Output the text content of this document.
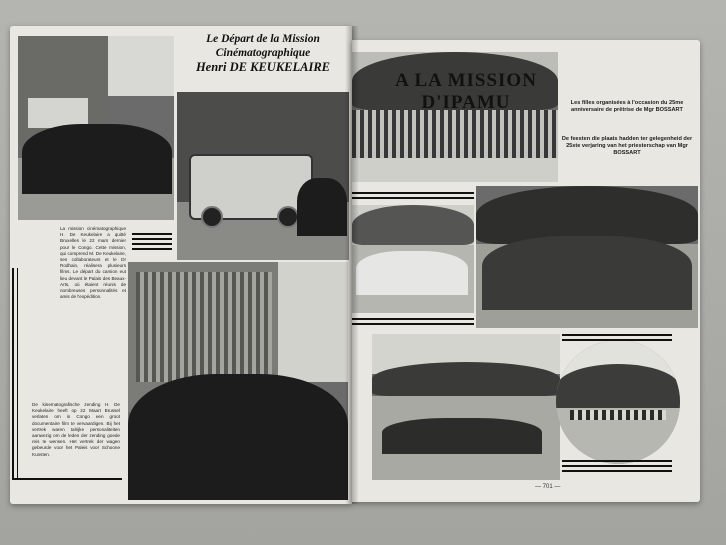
Le Départ de la Mission Cinématographique
Henri DE KEUKELAIRE
La mission cinématographique H. De Keukelaire a quitté Bruxelles le 22 mars dernier pour le Congo. Cette mission, qui comprend M. De Keukelaire, ses collaborateurs et le Dr Rodhain, réalisera plusieurs films. Le départ du camion eut lieu devant le Palais des Beaux-Arts, où étaient réunis de nombreuses personnalités et amis de l'expédition.
De kinematografische zending H. De Keukelaire heeft op 22 Maart Brussel verlaten om in Congo een groot documentaire film te vervaardigen. Bij het vertrek waren talrijke personaliteiten aanwezig om de leden der zending goede reis te wensen. Het vertrek der wagen gebeurde voor het Paleis voor Schoone Kunsten.
A LA MISSION D'IPAMU	Les filles organisées à l'occasion du 25me anniversaire de prêtrise de Mgr BOSSART
De feesten die plaats hadden ter gelegenheid der 25ste verjaring van het priesterschap van Mgr BOSSART
— 701 —
